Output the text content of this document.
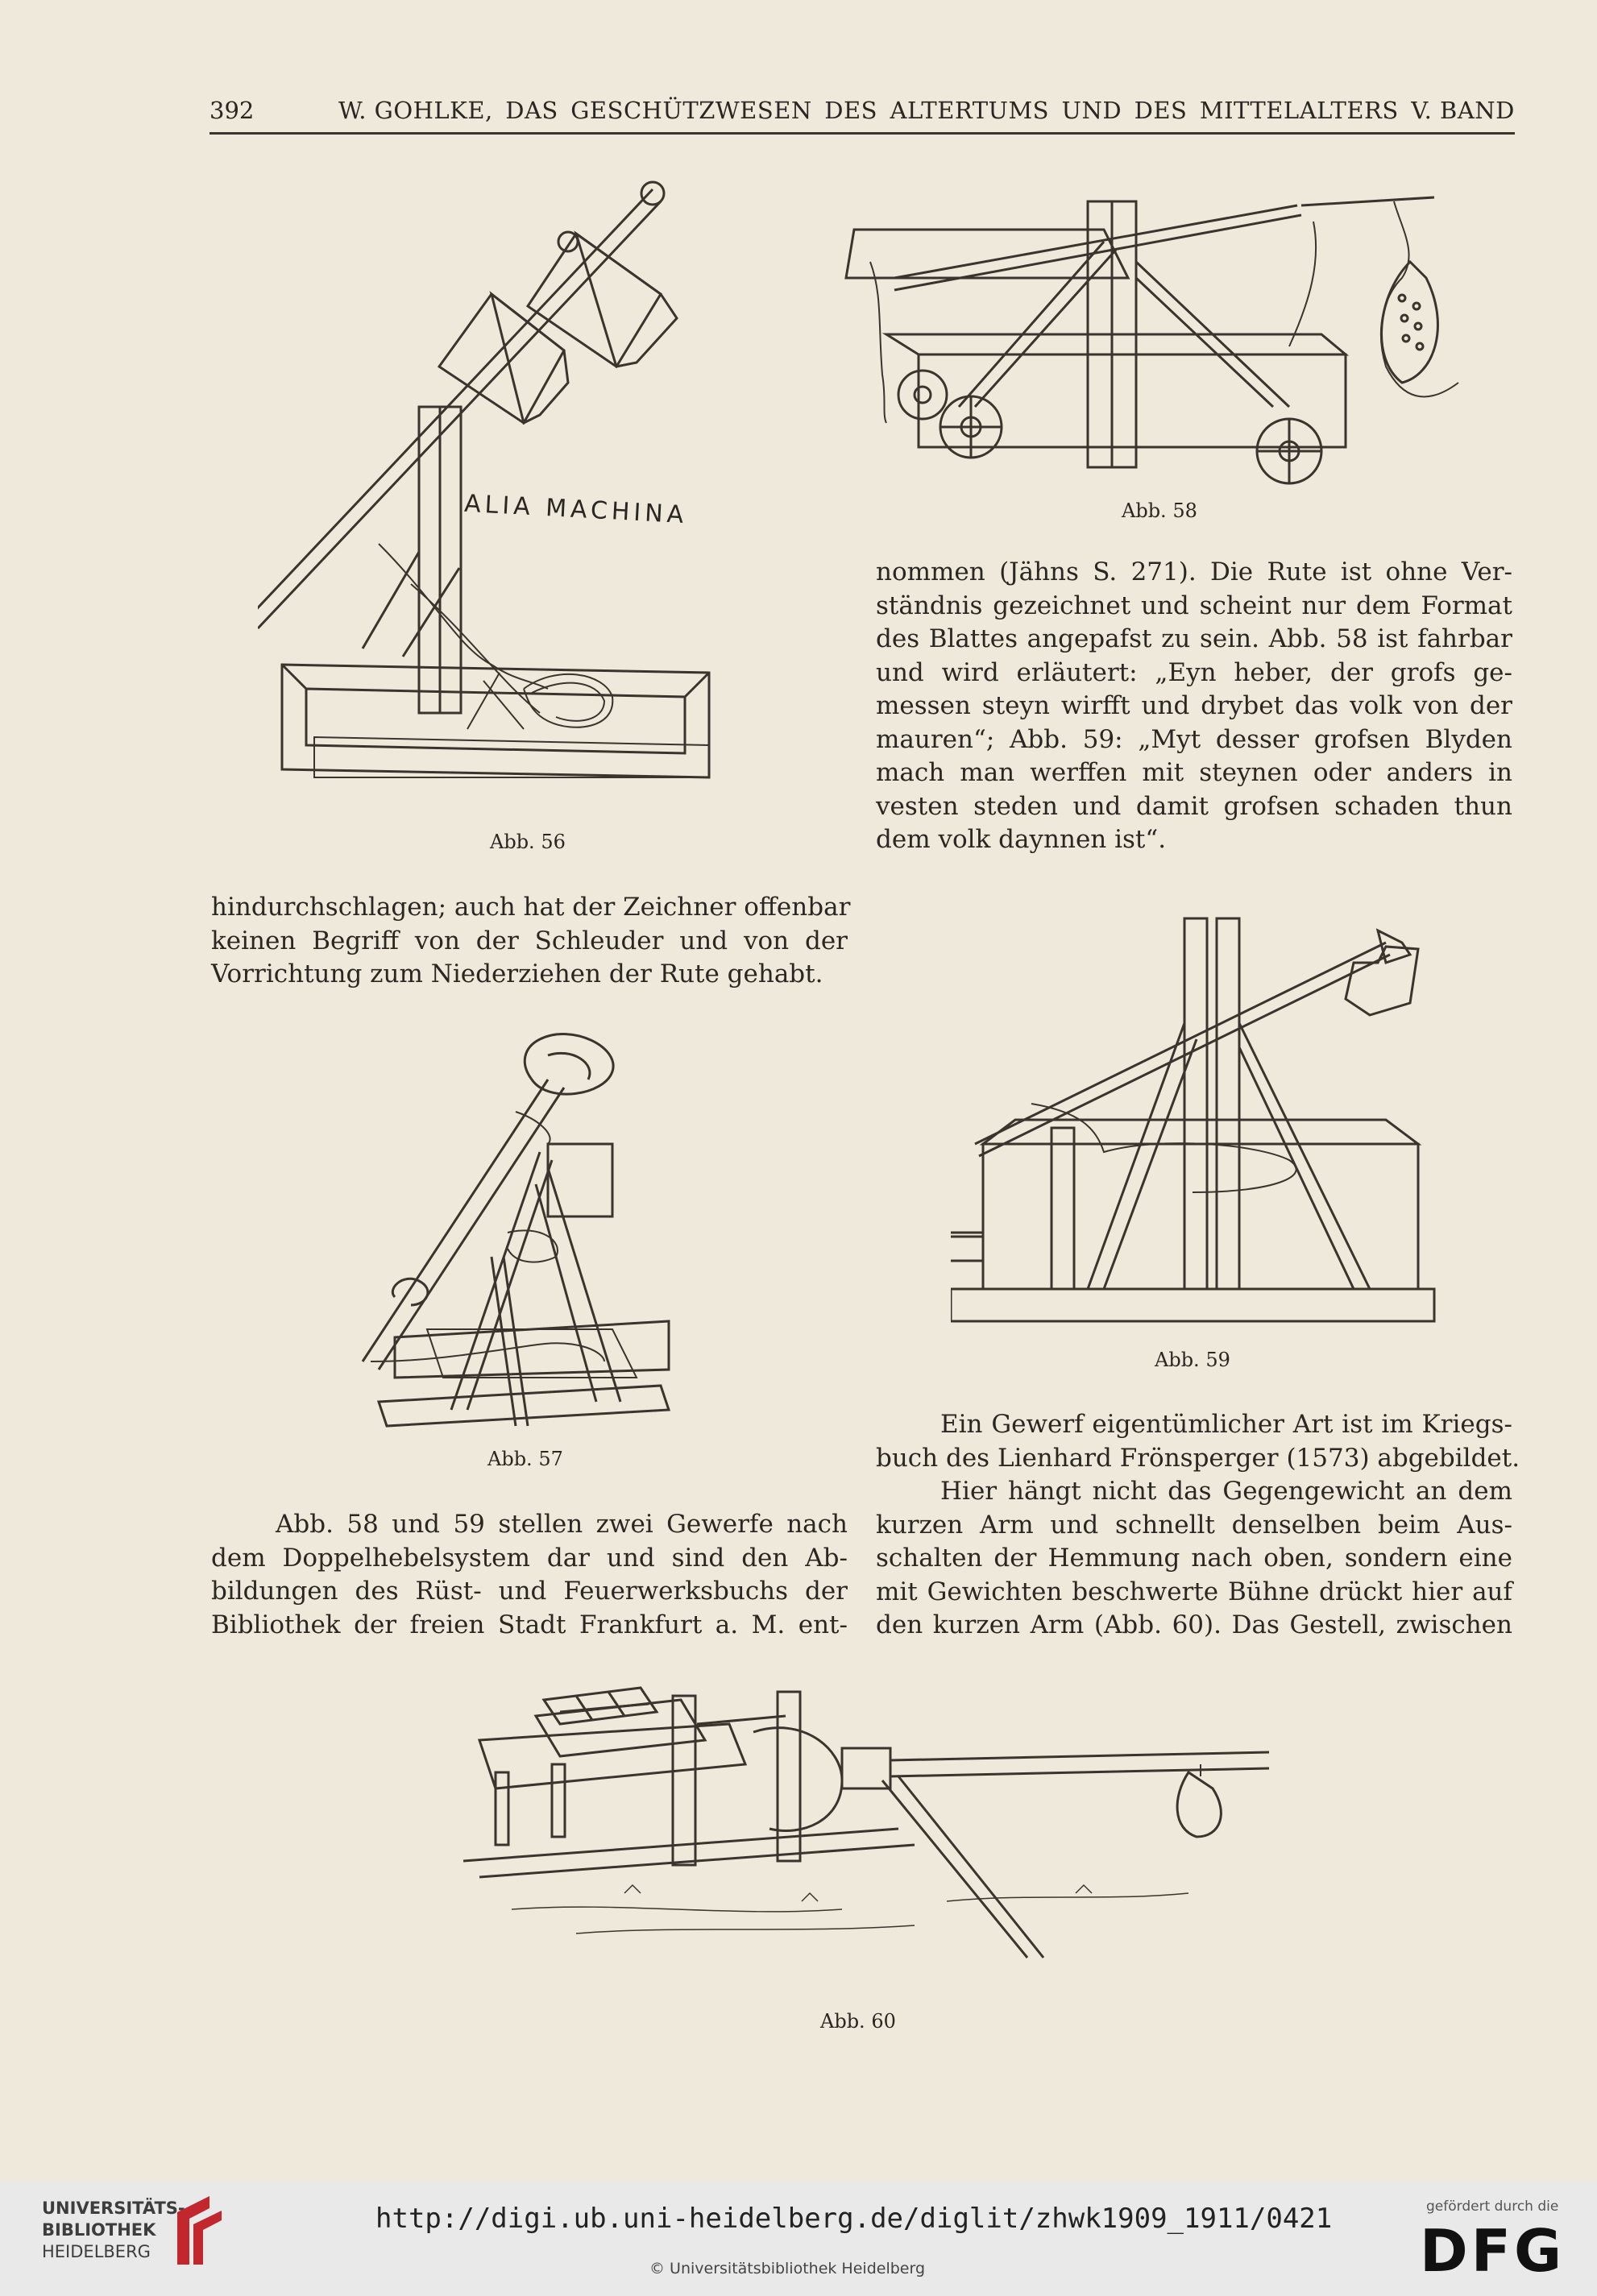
392	W. GOHLKE, DAS GESCHÜTZWESEN DES ALTERTUMS UND DES MITTELALTERS V. BAND
ALIA MACHINA
Abb. 56
Abb. 58
nommen (Jähns S. 271). Die Rute ist ohne Ver-
ständnis gezeichnet und scheint nur dem Format
des Blattes angepafst zu sein. Abb. 58 ist fahrbar
und wird erläutert: „Eyn heber, der grofs ge-
messen steyn wirfft und drybet das volk von der
mauren“; Abb. 59: „Myt desser grofsen Blyden
mach man werffen mit steynen oder anders in
vesten steden und damit grofsen schaden thun
dem volk daynnen ist“.
hindurchschlagen; auch hat der Zeichner offenbar
keinen Begriff von der Schleuder und von der
Vorrichtung zum Niederziehen der Rute gehabt.
Abb. 59
Abb. 57
Ein Gewerf eigentümlicher Art ist im Kriegs-
buch des Lienhard Frönsperger (1573) abgebildet.
Hier hängt nicht das Gegengewicht an dem
kurzen Arm und schnellt denselben beim Aus-
schalten der Hemmung nach oben, sondern eine
mit Gewichten beschwerte Bühne drückt hier auf
den kurzen Arm (Abb. 60). Das Gestell, zwischen
Abb. 58 und 59 stellen zwei Gewerfe nach
dem Doppelhebelsystem dar und sind den Ab-
bildungen des Rüst- und Feuerwerksbuchs der
Bibliothek der freien Stadt Frankfurt a. M. ent-
Abb. 60
UNIVERSITÄTS-
BIBLIOTHEK
HEIDELBERG
http://digi.ub.uni-heidelberg.de/diglit/zhwk1909_1911/0421
© Universitätsbibliothek Heidelberg
gefördert durch die
DFG
